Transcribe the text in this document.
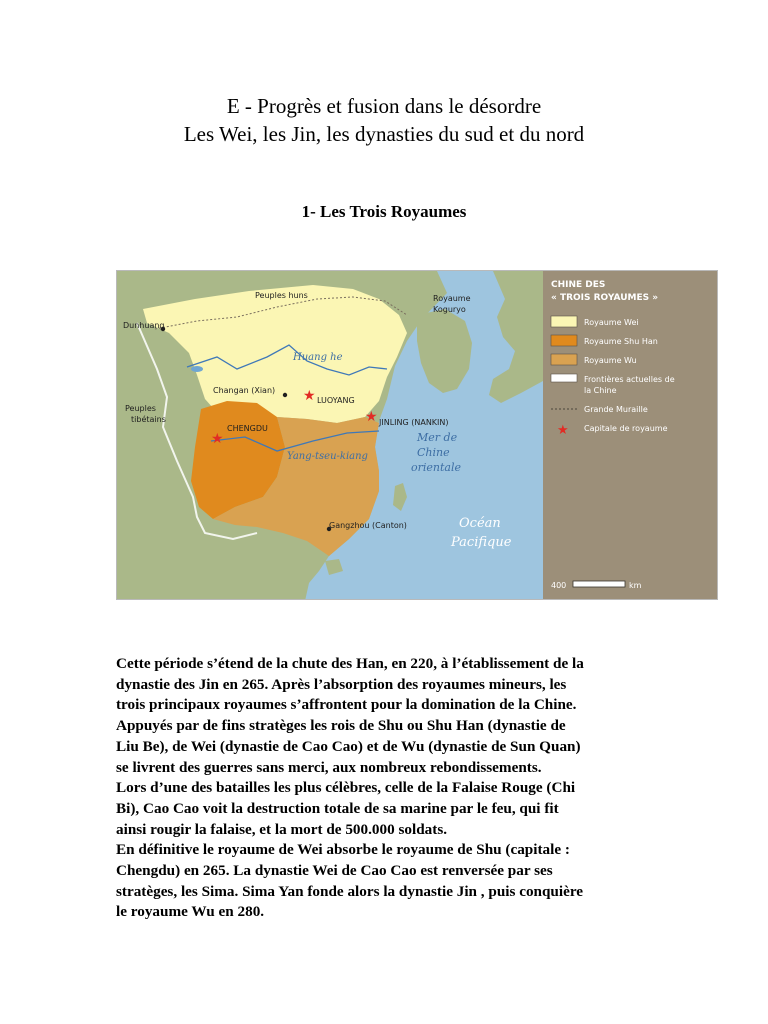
E - Progrès et fusion dans le désordre
Les Wei, les Jin, les dynasties du sud et du nord
1- Les Trois Royaumes
★
★
★
Peuples huns	Royaume
Koguryo
Dunhuang
Huang he
Changan (Xian)
LUOYANG
Peuples
tibétains
CHENGDU
JINLING (NANKIN)
Mer de
Chine
orientale
Yang-tseu-kiang
Gangzhou (Canton)	Océan
Pacifique
CHINE DES
« TROIS ROYAUMES »
Royaume Wei
Royaume Shu Han
Royaume Wu
Frontières actuelles de
la Chine
Grande Muraille
★ Capitale de royaume
400	km

Cette période s’étend de la chute des Han, en 220, à l’établissement de la

dynastie des Jin en 265. Après l’absorption des royaumes mineurs, les

trois principaux royaumes s’affrontent pour la domination de la Chine.

Appuyés par de fins stratèges les rois de Shu ou Shu Han (dynastie de

Liu Be), de Wei (dynastie de Cao Cao) et de Wu (dynastie de Sun Quan)

se livrent des guerres sans merci, aux nombreux rebondissements.

Lors d’une des batailles les plus célèbres, celle de la Falaise Rouge (Chi

Bi), Cao Cao voit la destruction totale de sa marine par le feu, qui fit

ainsi rougir la falaise, et la mort de 500.000 soldats.

En définitive le royaume de Wei absorbe le royaume de Shu (capitale :

Chengdu) en 265. La dynastie Wei de Cao Cao est renversée par ses

stratèges, les Sima. Sima Yan fonde alors la dynastie Jin , puis conquière

le royaume Wu en 280.
